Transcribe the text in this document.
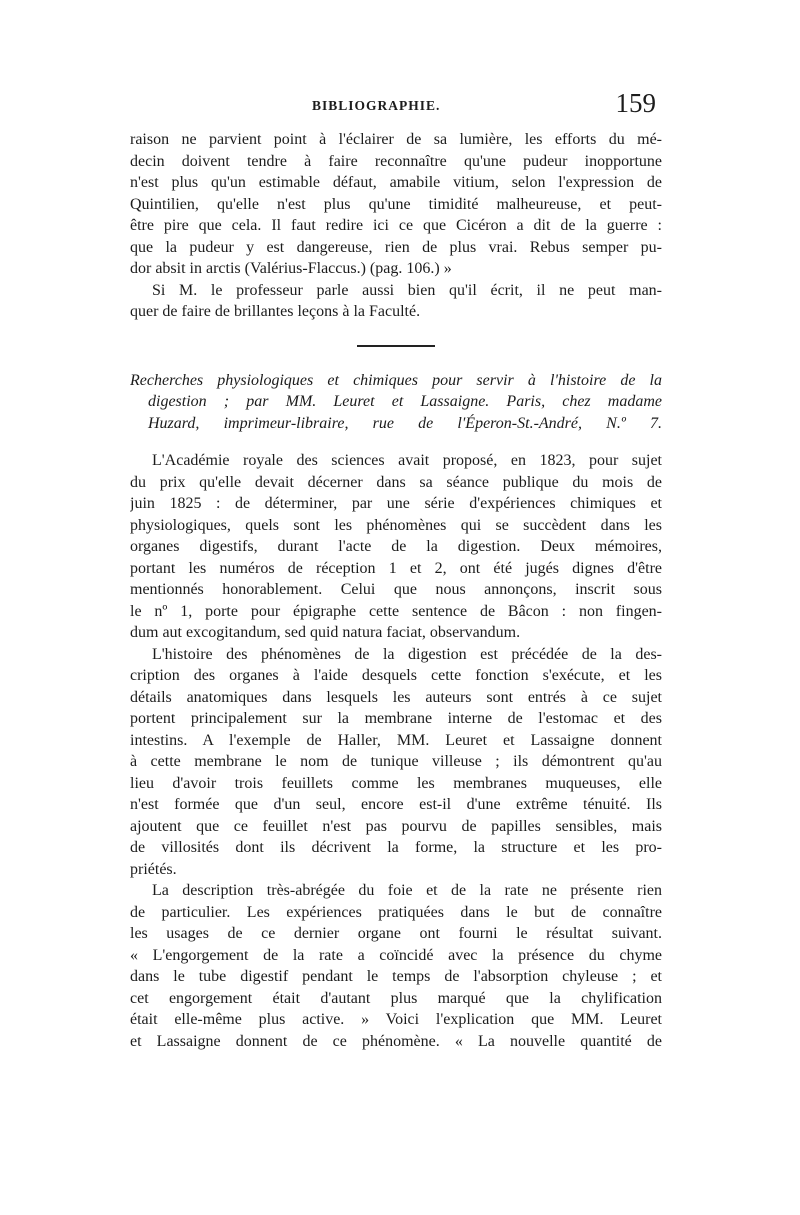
BIBLIOGRAPHIE.	159
raison ne parvient point à l'éclairer de sa lumière, les efforts du mé-
decin doivent tendre à faire reconnaître qu'une pudeur inopportune
n'est plus qu'un estimable défaut, amabile vitium, selon l'expression de
Quintilien, qu'elle n'est plus qu'une timidité malheureuse, et peut-
être pire que cela. Il faut redire ici ce que Cicéron a dit de la guerre :
que la pudeur y est dangereuse, rien de plus vrai. Rebus semper pu-
dor absit in arctis (Valérius-Flaccus.) (pag. 106.) »
Si M. le professeur parle aussi bien qu'il écrit, il ne peut man-
quer de faire de brillantes leçons à la Faculté.
Recherches physiologiques et chimiques pour servir à l'histoire de la
digestion ; par MM. Leuret et Lassaigne. Paris, chez madame
Huzard, imprimeur-libraire, rue de l'Éperon-St.-André, N.º 7.
L'Académie royale des sciences avait proposé, en 1823, pour sujet
du prix qu'elle devait décerner dans sa séance publique du mois de
juin 1825 : de déterminer, par une série d'expériences chimiques et
physiologiques, quels sont les phénomènes qui se succèdent dans les
organes digestifs, durant l'acte de la digestion. Deux mémoires,
portant les numéros de réception 1 et 2, ont été jugés dignes d'être
mentionnés honorablement. Celui que nous annonçons, inscrit sous
le nº 1, porte pour épigraphe cette sentence de Bâcon : non fingen-
dum aut excogitandum, sed quid natura faciat, observandum.
L'histoire des phénomènes de la digestion est précédée de la des-
cription des organes à l'aide desquels cette fonction s'exécute, et les
détails anatomiques dans lesquels les auteurs sont entrés à ce sujet
portent principalement sur la membrane interne de l'estomac et des
intestins. A l'exemple de Haller, MM. Leuret et Lassaigne donnent
à cette membrane le nom de tunique villeuse ; ils démontrent qu'au
lieu d'avoir trois feuillets comme les membranes muqueuses, elle
n'est formée que d'un seul, encore est-il d'une extrême ténuité. Ils
ajoutent que ce feuillet n'est pas pourvu de papilles sensibles, mais
de villosités dont ils décrivent la forme, la structure et les pro-
priétés.
La description très-abrégée du foie et de la rate ne présente rien
de particulier. Les expériences pratiquées dans le but de connaître
les usages de ce dernier organe ont fourni le résultat suivant.
« L'engorgement de la rate a coïncidé avec la présence du chyme
dans le tube digestif pendant le temps de l'absorption chyleuse ; et
cet engorgement était d'autant plus marqué que la chylification
était elle-même plus active. » Voici l'explication que MM. Leuret
et Lassaigne donnent de ce phénomène. « La nouvelle quantité de
